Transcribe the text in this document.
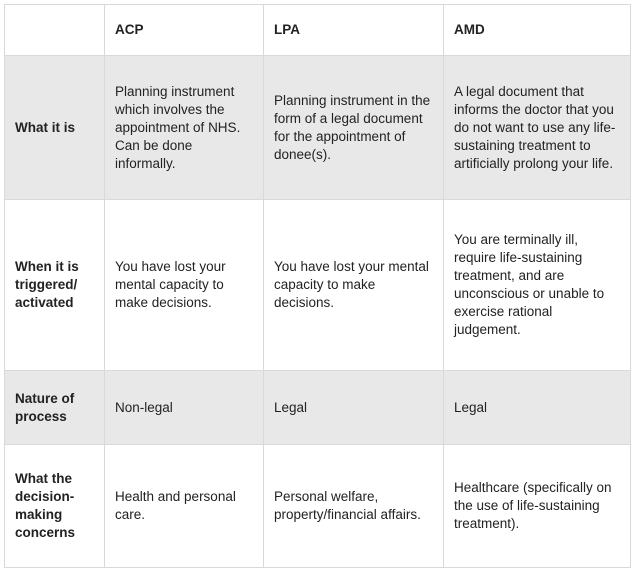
	ACP	LPA	AMD
What it is	Planning instrument which involves the appointment of NHS. Can be done informally.	Planning instrument in the form of a legal document for the appointment of donee(s).	A legal document that informs the doctor that you do not want to use any life-sustaining treatment to artificially prolong your life.
When it is triggered/ activated	You have lost your mental capacity to make decisions.	You have lost your mental capacity to make decisions.	You are terminally ill, require life-sustaining treatment, and are unconscious or unable to exercise rational judgement.
Nature of process	Non-legal	Legal	Legal
What the decision-making concerns	Health and personal care.	Personal welfare, property/financial affairs.	Healthcare (specifically on the use of life-sustaining treatment).
